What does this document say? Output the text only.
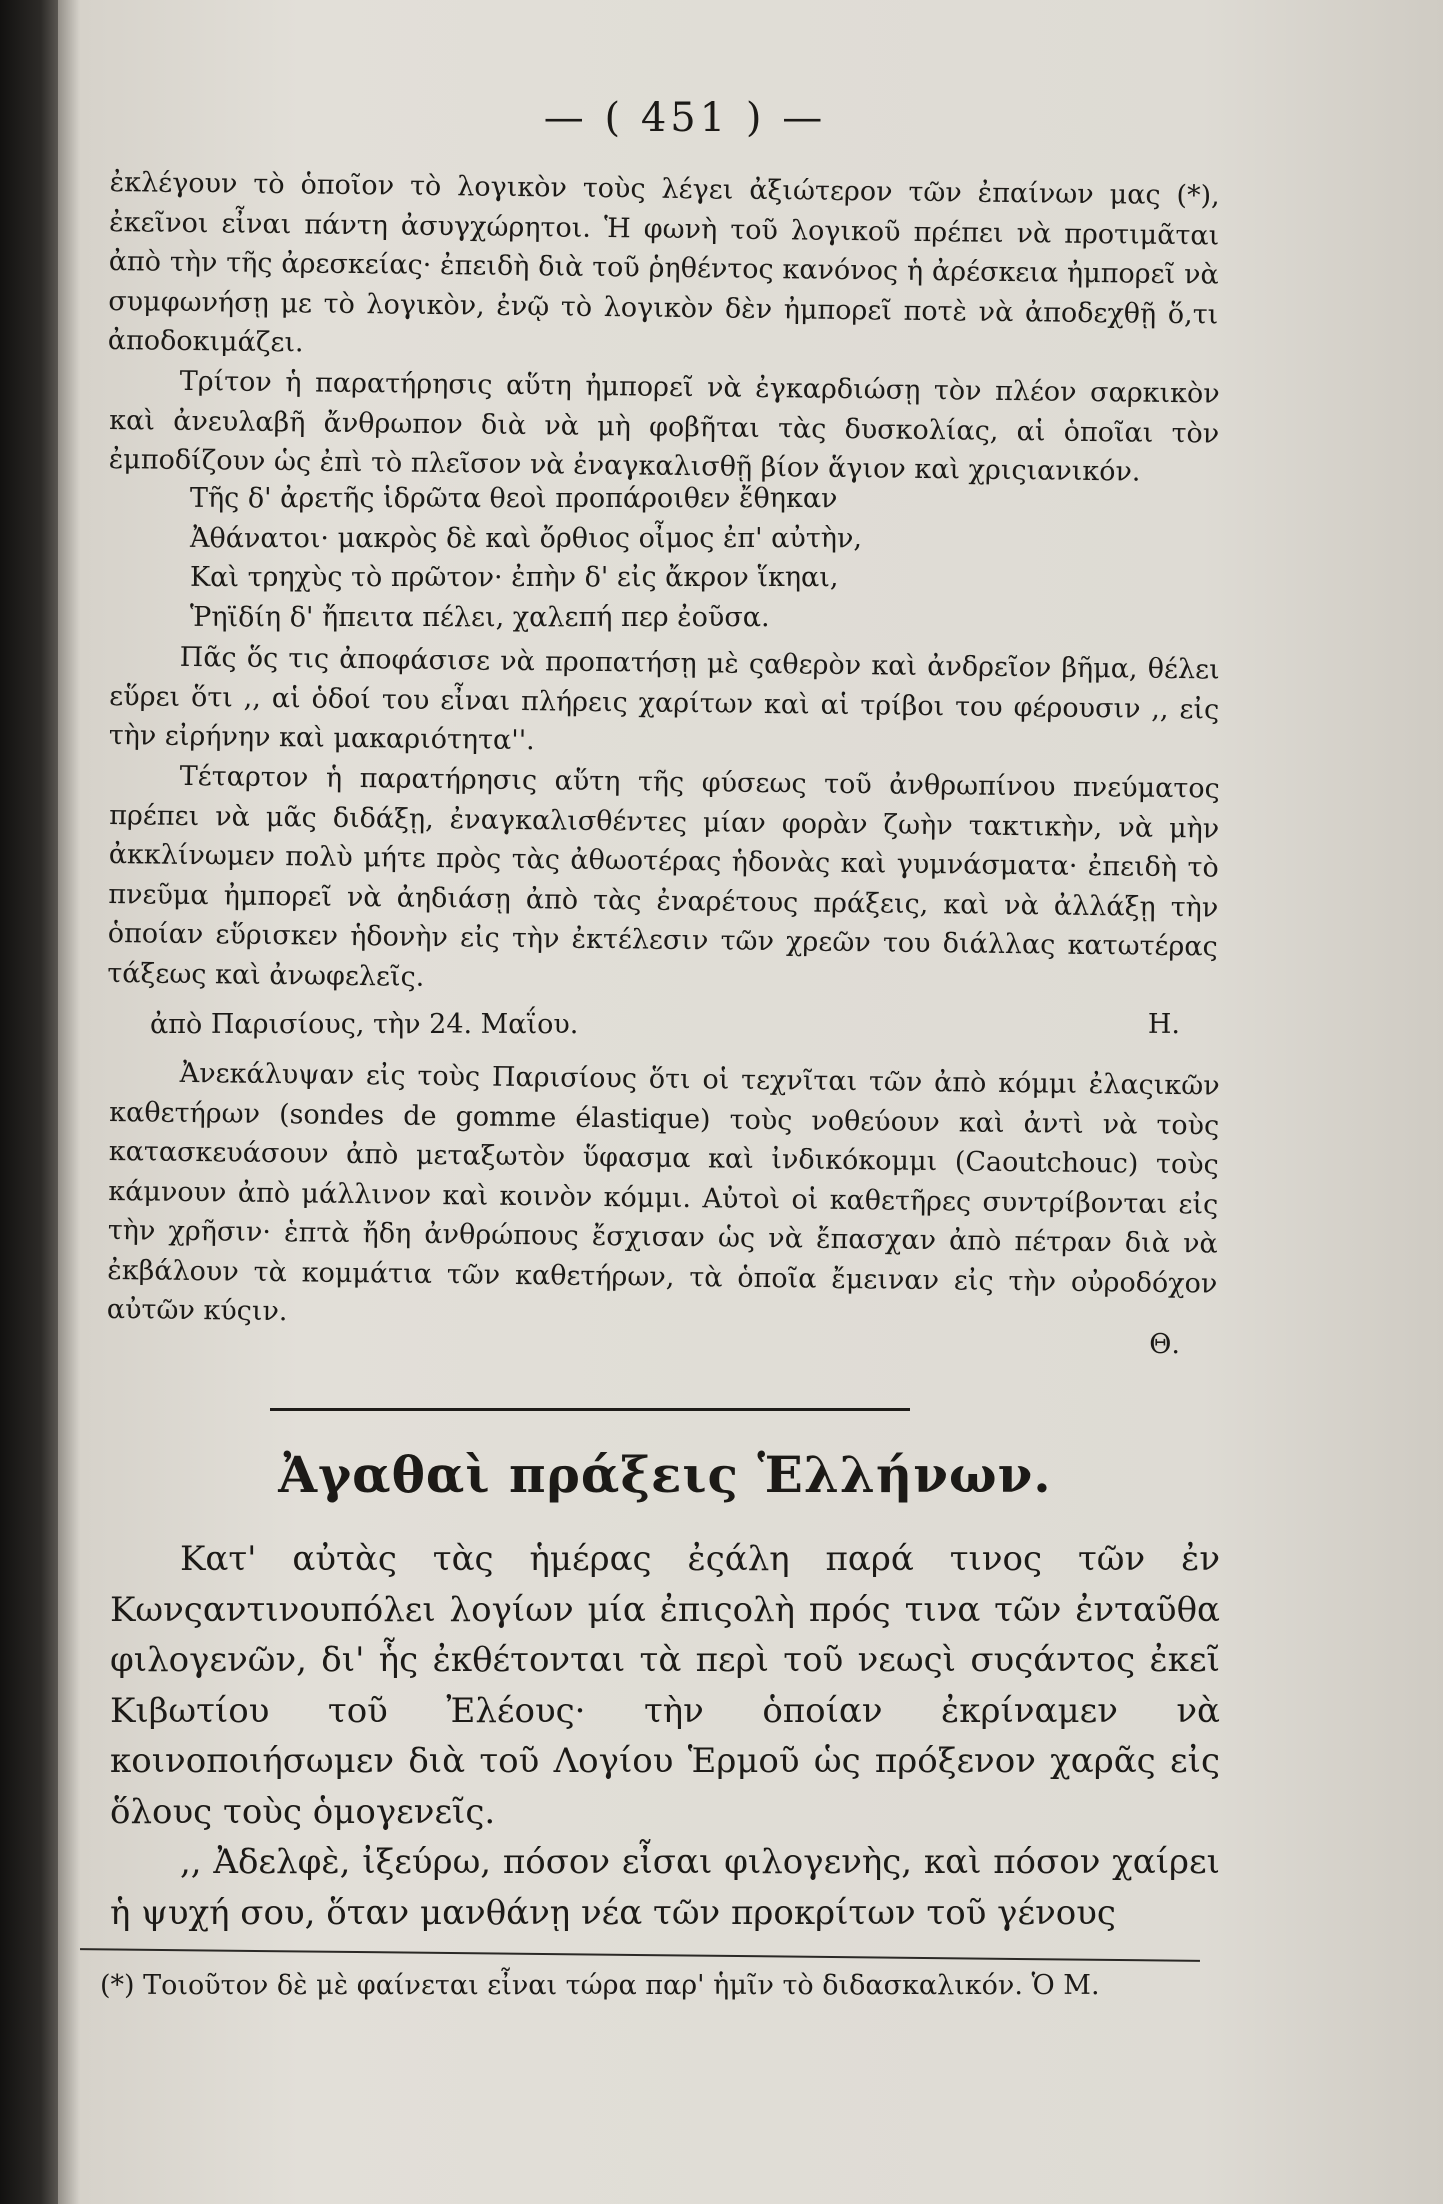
— ( 451 ) —

ἐκλέγουν τὸ ὁποῖον τὸ λογικὸν τοὺς λέγει ἀξιώτερον τῶν ἐπαίνων μας (*), ἐκεῖνοι εἶναι πάντη ἀσυγχώρητοι. Ἡ φωνὴ τοῦ λογικοῦ πρέπει νὰ προτιμᾶται ἀπὸ τὴν τῆς ἀρεσκείας· ἐπειδὴ διὰ τοῦ ῥηθέντος κανόνος ἡ ἀρέσκεια ἠμπορεῖ νὰ συμφωνήσῃ με τὸ λογικὸν, ἐνῷ τὸ λογικὸν δὲν ἠμπορεῖ ποτὲ νὰ ἀποδεχθῇ ὅ,τι ἀποδοκιμάζει.

Τρίτον ἡ παρατήρησις αὕτη ἠμπορεῖ νὰ ἐγκαρδιώσῃ τὸν πλέον σαρκικὸν καὶ ἀνευλαβῆ ἄνθρωπον διὰ νὰ μὴ φοβῆται τὰς δυσκολίας, αἱ ὁποῖαι τὸν ἐμποδίζουν ὡς ἐπὶ τὸ πλεῖσον νὰ ἐναγκαλισθῇ βίον ἅγιον καὶ χριςιανικόν.

Τῆς δ' ἀρετῆς ἱδρῶτα θεοὶ προπάροιθεν ἔθηκαν
Ἀθάνατοι· μακρὸς δὲ καὶ ὄρθιος οἶμος ἐπ' αὐτὴν,
Καὶ τρηχὺς τὸ πρῶτον· ἐπὴν δ' εἰς ἄκρον ἵκηαι,
Ῥηϊδίη δ' ἤπειτα πέλει, χαλεπή περ ἐοῦσα.

Πᾶς ὅς τις ἀποφάσισε νὰ προπατήσῃ μὲ ςαθερὸν καὶ ἀνδρεῖον βῆμα, θέλει εὕρει ὅτι ,, αἱ ὁδοί του εἶναι πλήρεις χαρίτων καὶ αἱ τρίβοι του φέρουσιν ,, εἰς τὴν εἰρήνην καὶ μακαριότητα''.

Τέταρτον ἡ παρατήρησις αὕτη τῆς φύσεως τοῦ ἀνθρωπίνου πνεύματος πρέπει νὰ μᾶς διδάξῃ, ἐναγκαλισθέντες μίαν φορὰν ζωὴν τακτικὴν, νὰ μὴν ἀκκλίνωμεν πολὺ μήτε πρὸς τὰς ἀθωοτέρας ἡδονὰς καὶ γυμνάσματα· ἐπειδὴ τὸ πνεῦμα ἠμπορεῖ νὰ ἀηδιάσῃ ἀπὸ τὰς ἐναρέτους πράξεις, καὶ νὰ ἀλλάξῃ τὴν ὁποίαν εὕρισκεν ἡδονὴν εἰς τὴν ἐκτέλεσιν τῶν χρεῶν του διάλλας κατωτέρας τάξεως καὶ ἀνωφελεῖς.

ἀπὸ Παρισίους, τὴν 24. Μαΐου.	Η.

Ἀνεκάλυψαν εἰς τοὺς Παρισίους ὅτι οἱ τεχνῖται τῶν ἀπὸ κόμμι ἐλαςικῶν καθετήρων (sondes de gomme élastique) τοὺς νοθεύουν καὶ ἀντὶ νὰ τοὺς κατασκευάσουν ἀπὸ μεταξωτὸν ὕφασμα καὶ ἰνδικόκομμι (Caoutchouc) τοὺς κάμνουν ἀπὸ μάλλινον καὶ κοινὸν κόμμι. Αὐτοὶ οἱ καθετῆρες συντρίβονται εἰς τὴν χρῆσιν· ἑπτὰ ἤδη ἀνθρώπους ἔσχισαν ὡς νὰ ἔπασχαν ἀπὸ πέτραν διὰ νὰ ἐκβάλουν τὰ κομμάτια τῶν καθετήρων, τὰ ὁποῖα ἔμειναν εἰς τὴν οὐροδόχον αὐτῶν κύςιν.

Θ.

Ἀγαθαὶ πράξεις Ἑλλήνων.

Κατ' αὐτὰς τὰς ἡμέρας ἐςάλη παρά τινος τῶν ἐν Κωνςαντινουπόλει λογίων μία ἐπιςολὴ πρός τινα τῶν ἐνταῦθα φιλογενῶν, δι' ἧς ἐκθέτονται τὰ περὶ τοῦ νεωςὶ συςάντος ἐκεῖ Κιβωτίου τοῦ Ἐλέους· τὴν ὁποίαν ἐκρίναμεν νὰ κοινοποιήσωμεν διὰ τοῦ Λογίου Ἑρμοῦ ὡς πρόξενον χαρᾶς εἰς ὅλους τοὺς ὁμογενεῖς.

,, Ἀδελφὲ, ἰξεύρω, πόσον εἶσαι φιλογενὴς, καὶ πόσον χαίρει ἡ ψυχή σου, ὅταν μανθάνῃ νέα τῶν προκρίτων τοῦ γένους

(*) Τοιοῦτον δὲ μὲ φαίνεται εἶναι τώρα παρ' ἡμῖν τὸ διδασκαλικόν. Ὁ Μ.
